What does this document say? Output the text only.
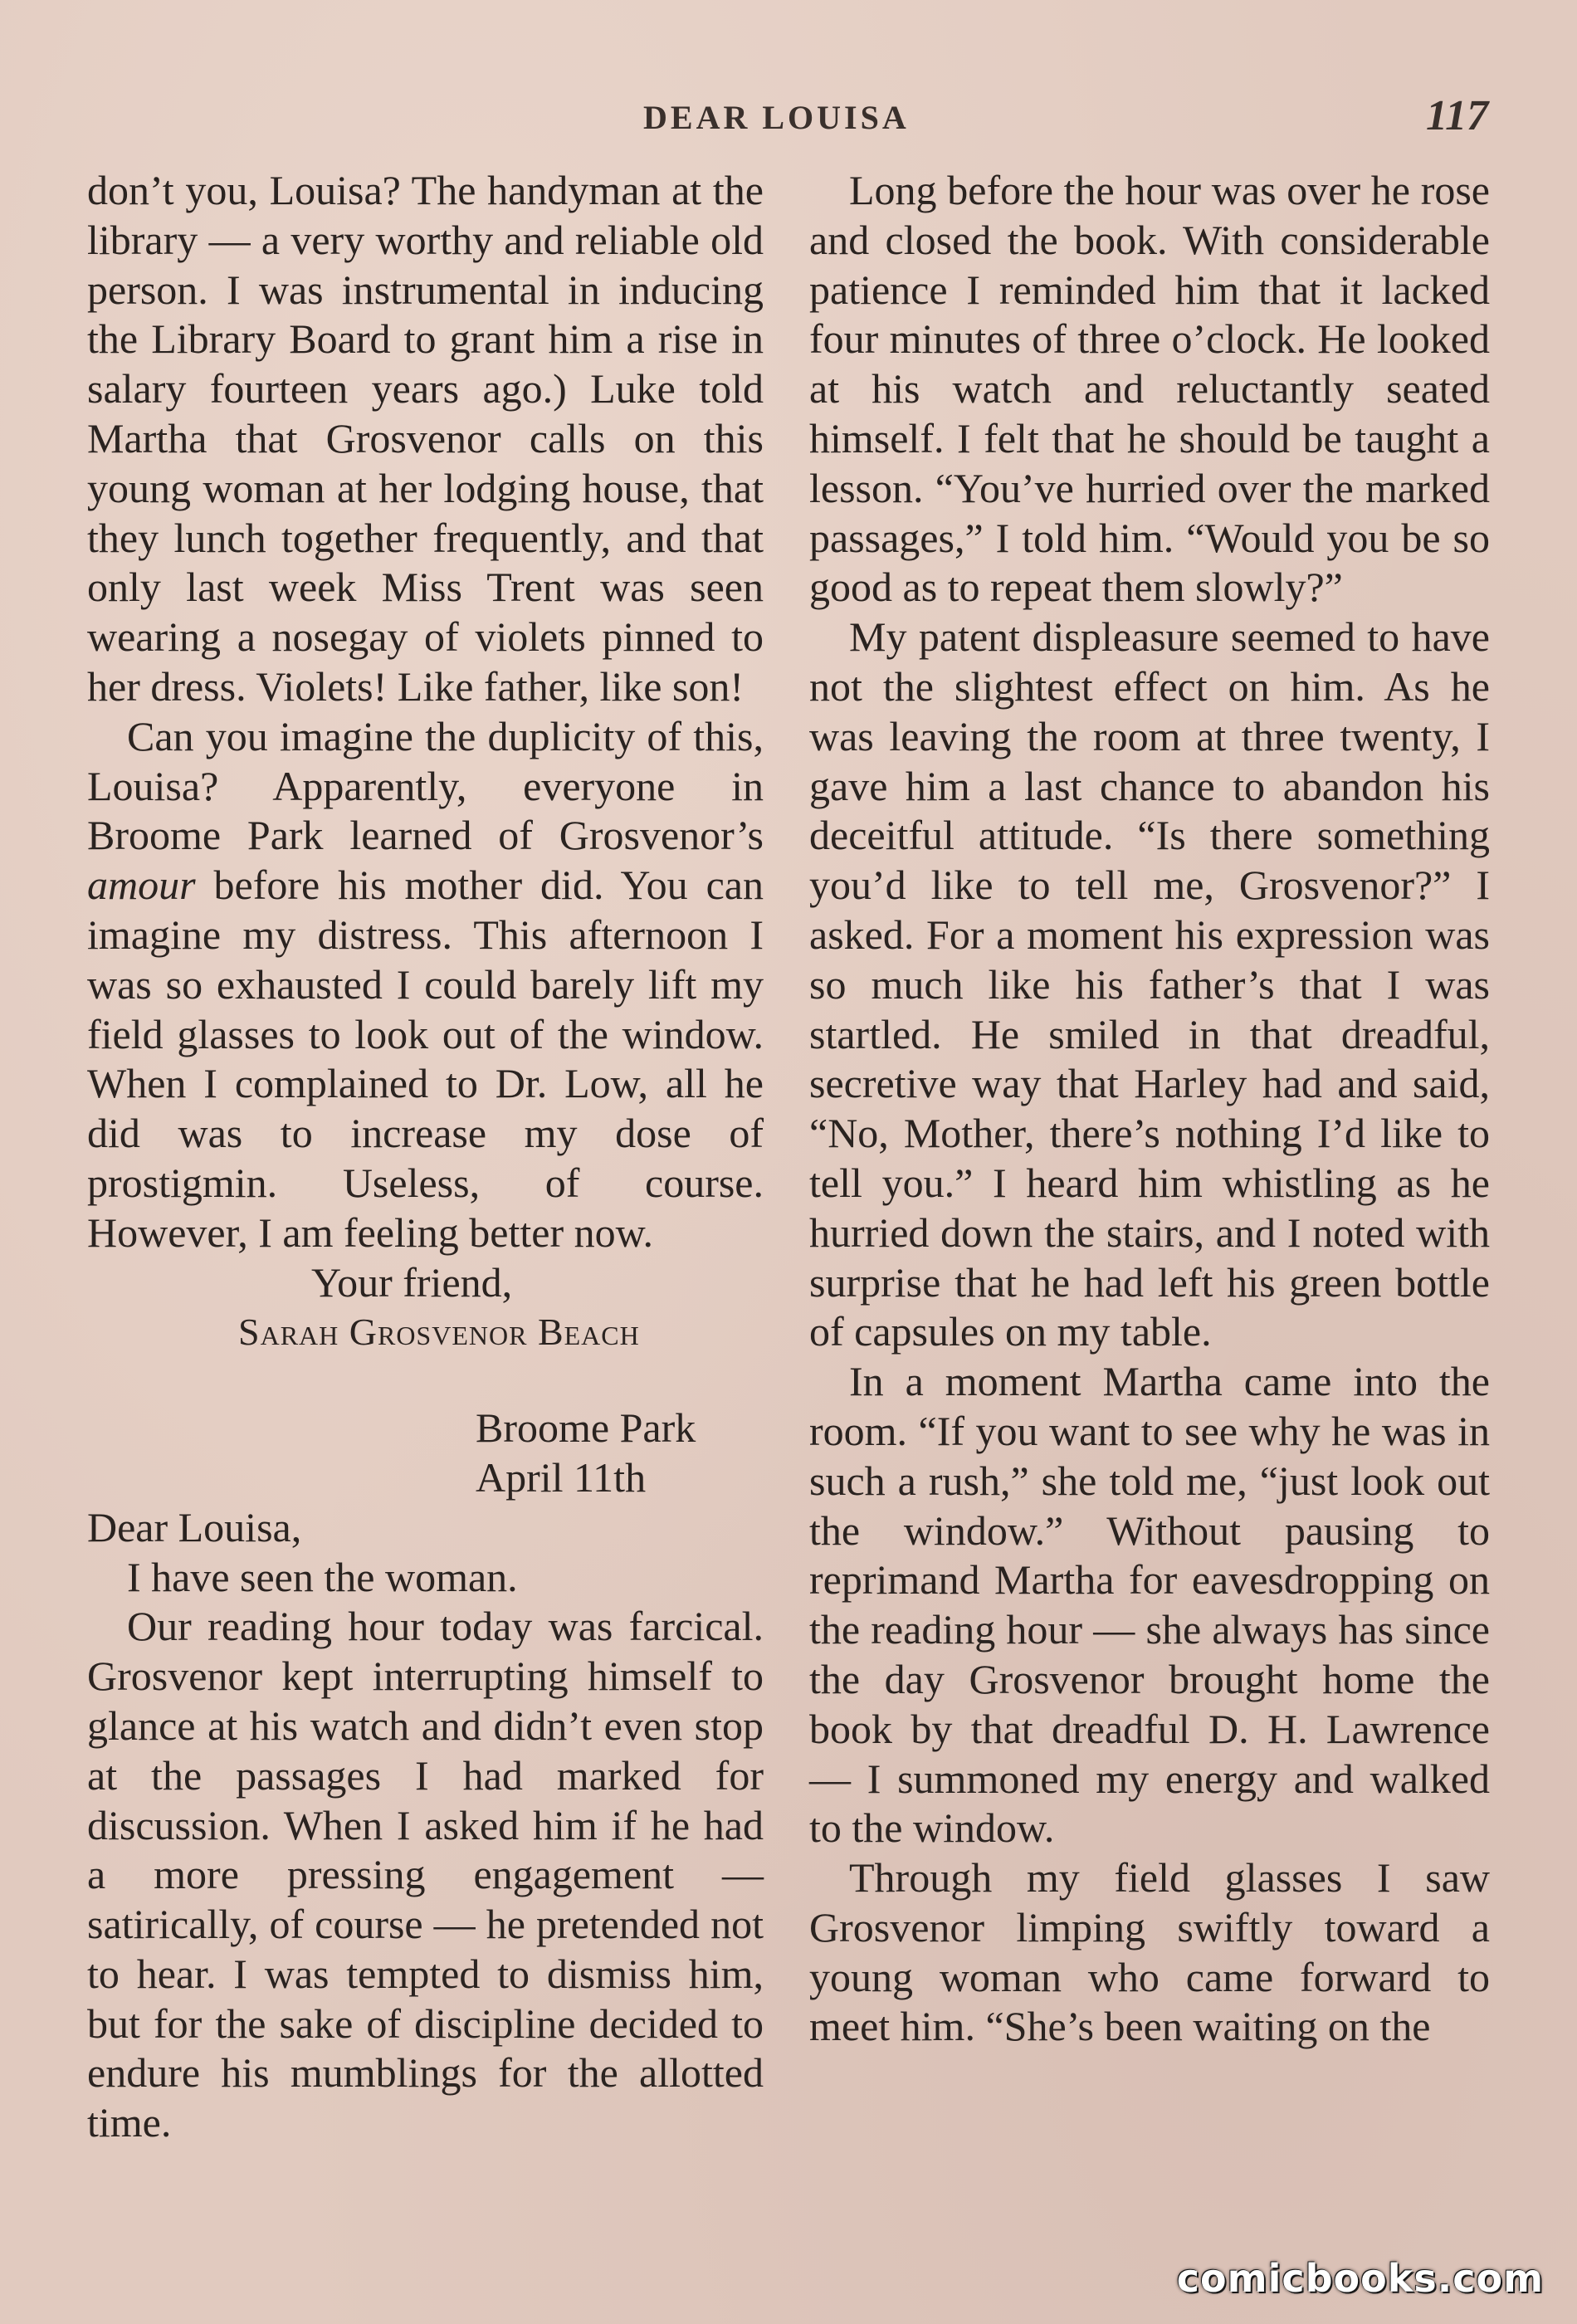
DEAR LOUISA	117

don’t you, Louisa? The handyman at the library — a very worthy and reliable old person. I was instrumental in inducing the Library Board to grant him a rise in salary fourteen years ago.) Luke told Martha that Grosvenor calls on this young woman at her lodging house, that they lunch together frequently, and that only last week Miss Trent was seen wearing a nosegay of violets pinned to her dress. Violets! Like father, like son!

Can you imagine the duplicity of this, Louisa? Apparently, everyone in Broome Park learned of Grosvenor’s amour before his mother did. You can imagine my distress. This afternoon I was so exhausted I could barely lift my field glasses to look out of the window. When I complained to Dr. Low, all he did was to increase my dose of prostigmin. Useless, of course. However, I am feeling better now.

Your friend,

Sarah Grosvenor Beach

Broome Park

April 11th

Dear Louisa,

I have seen the woman.

Our reading hour today was farcical. Grosvenor kept interrupting himself to glance at his watch and didn’t even stop at the passages I had marked for discussion. When I asked him if he had a more pressing engagement — satirically, of course — he pretended not to hear. I was tempted to dismiss him, but for the sake of discipline decided to endure his mumblings for the allotted time.

Long before the hour was over he rose and closed the book. With considerable patience I reminded him that it lacked four minutes of three o’clock. He looked at his watch and reluctantly seated himself. I felt that he should be taught a lesson. “You’ve hurried over the marked passages,” I told him. “Would you be so good as to repeat them slowly?”

My patent displeasure seemed to have not the slightest effect on him. As he was leaving the room at three twenty, I gave him a last chance to abandon his deceitful attitude. “Is there something you’d like to tell me, Grosvenor?” I asked. For a moment his expression was so much like his father’s that I was startled. He smiled in that dreadful, secretive way that Harley had and said, “No, Mother, there’s nothing I’d like to tell you.” I heard him whistling as he hurried down the stairs, and I noted with surprise that he had left his green bottle of capsules on my table.

In a moment Martha came into the room. “If you want to see why he was in such a rush,” she told me, “just look out the window.” Without pausing to reprimand Martha for eavesdropping on the reading hour — she always has since the day Grosvenor brought home the book by that dreadful D. H. Lawrence — I summoned my energy and walked to the window.

Through my field glasses I saw Grosvenor limping swiftly toward a young woman who came forward to meet him. “She’s been waiting on the

comicbooks.com
